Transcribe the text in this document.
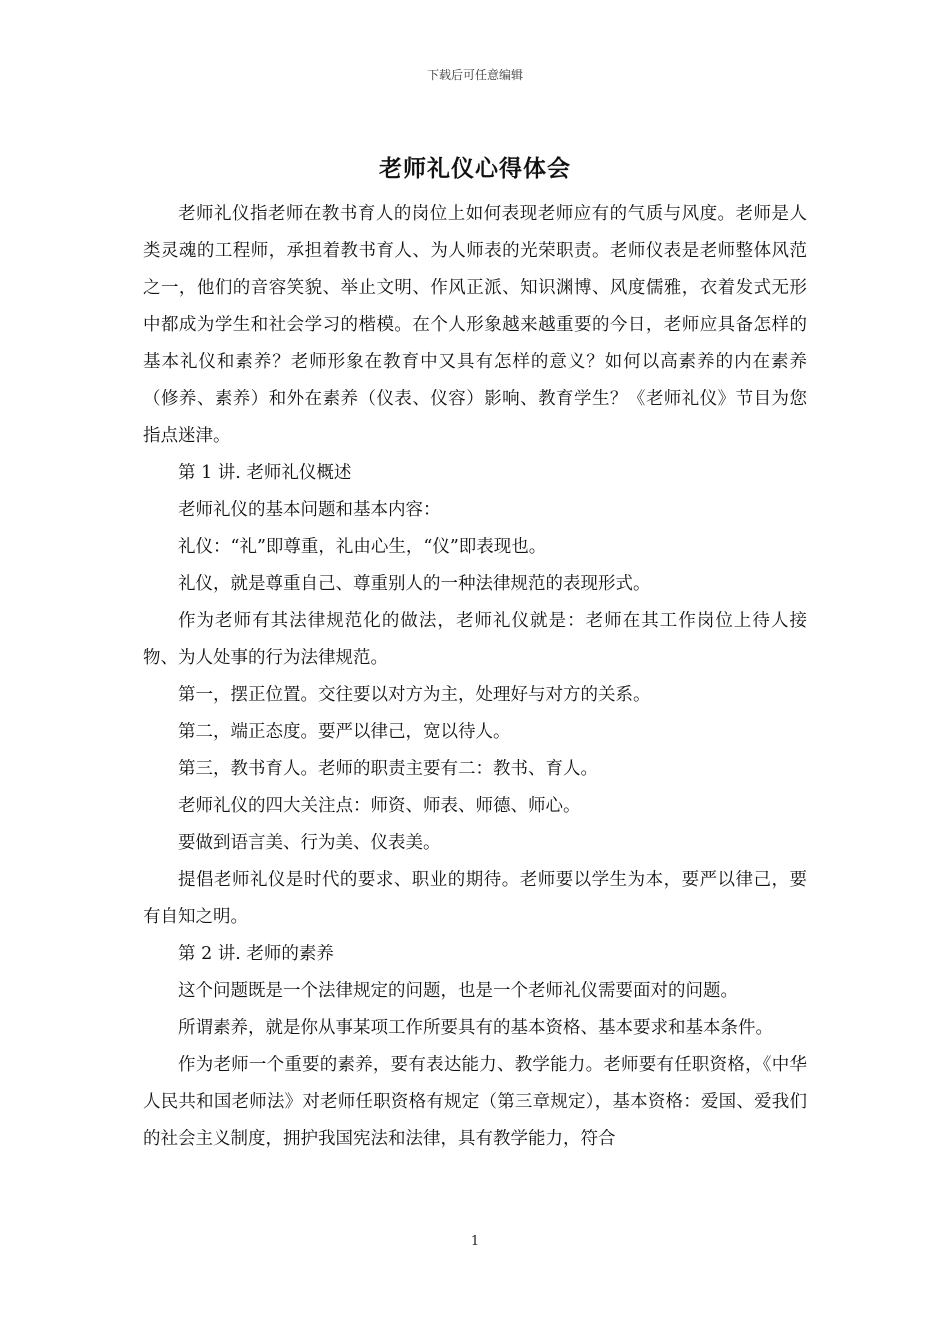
下载后可任意编辑
老师礼仪心得体会

老师礼仪指老师在教书育人的岗位上如何表现老师应有的气质与风度。老师是人类灵魂的工程师，承担着教书育人、为人师表的光荣职责。老师仪表是老师整体风范之一，他们的音容笑貌、举止文明、作风正派、知识渊博、风度儒雅，衣着发式无形中都成为学生和社会学习的楷模。在个人形象越来越重要的今日，老师应具备怎样的基本礼仪和素养？老师形象在教育中又具有怎样的意义？如何以高素养的内在素养（修养、素养）和外在素养（仪表、仪容）影响、教育学生？《老师礼仪》节目为您指点迷津。

第 1 讲. 老师礼仪概述

老师礼仪的基本问题和基本内容：

礼仪：“礼”即尊重，礼由心生，“仪”即表现也。

礼仪，就是尊重自己、尊重别人的一种法律规范的表现形式。

作为老师有其法律规范化的做法，老师礼仪就是：老师在其工作岗位上待人接物、为人处事的行为法律规范。

第一，摆正位置。交往要以对方为主，处理好与对方的关系。

第二，端正态度。要严以律己，宽以待人。

第三，教书育人。老师的职责主要有二：教书、育人。

老师礼仪的四大关注点：师资、师表、师德、师心。

要做到语言美、行为美、仪表美。

提倡老师礼仪是时代的要求、职业的期待。老师要以学生为本，要严以律己，要有自知之明。

第 2 讲. 老师的素养

这个问题既是一个法律规定的问题，也是一个老师礼仪需要面对的问题。

所谓素养，就是你从事某项工作所要具有的基本资格、基本要求和基本条件。

作为老师一个重要的素养，要有表达能力、教学能力。老师要有任职资格，《中华人民共和国老师法》对老师任职资格有规定（第三章规定），基本资格：爱国、爱我们的社会主义制度，拥护我国宪法和法律，具有教学能力，符合

1
